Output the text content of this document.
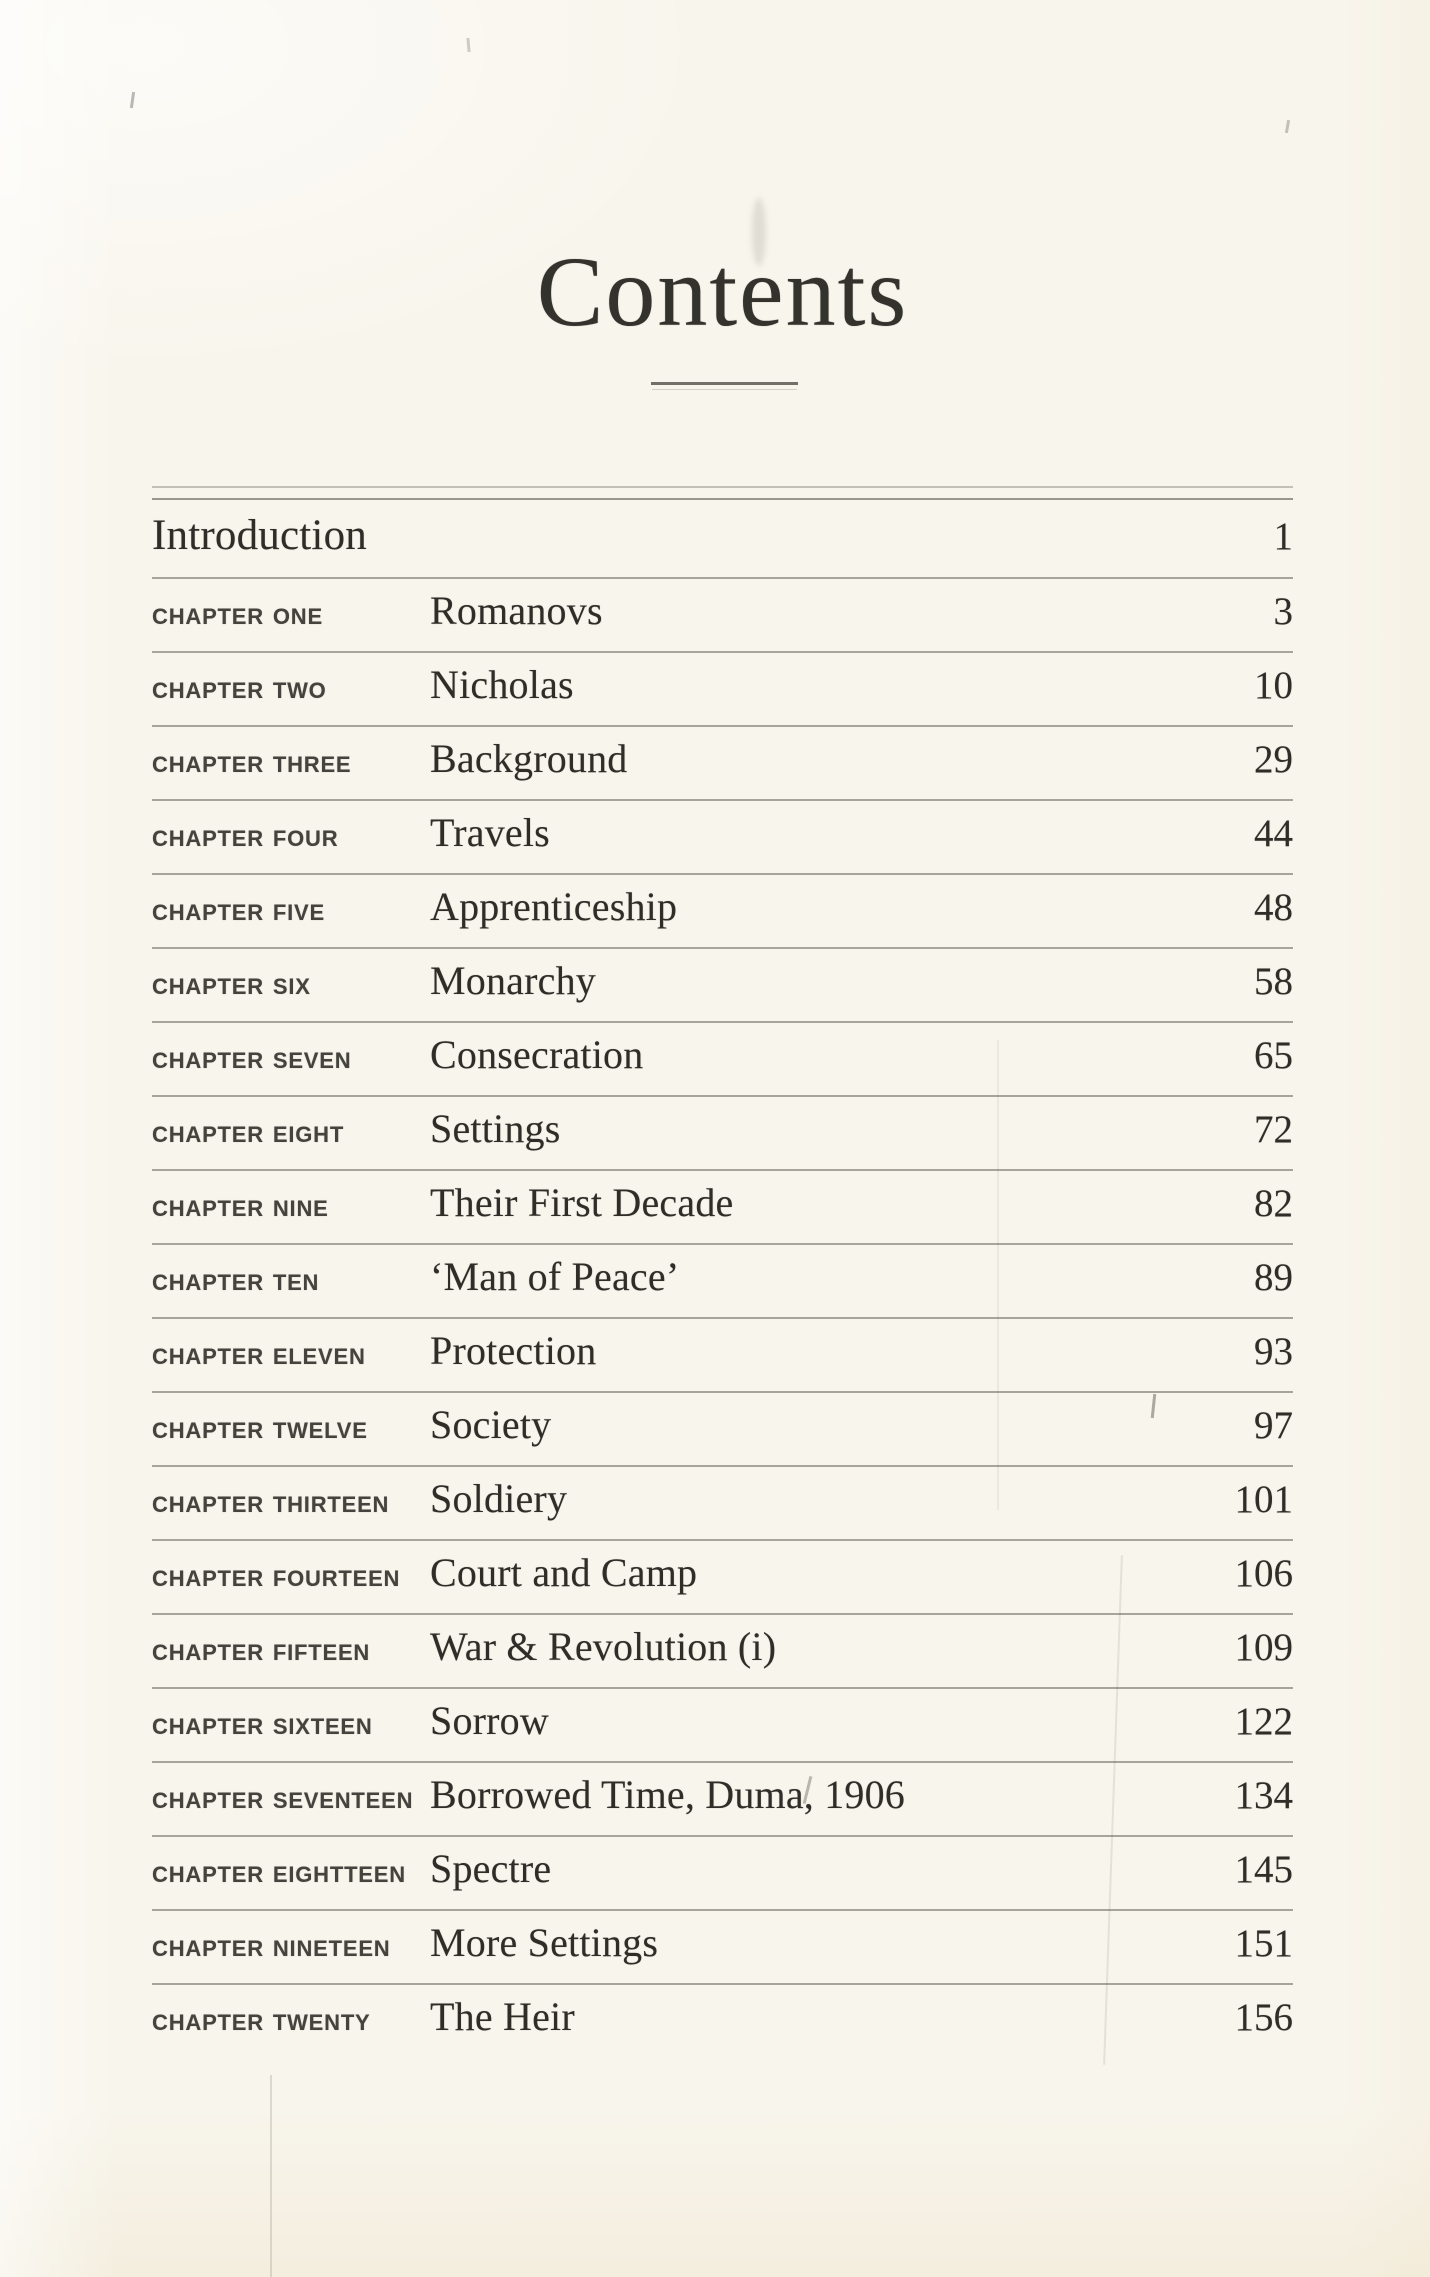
Contents
Introduction	1
CHAPTER ONE	Romanovs	3
CHAPTER TWO	Nicholas	10
CHAPTER THREE	Background	29
CHAPTER FOUR	Travels	44
CHAPTER FIVE	Apprenticeship	48
CHAPTER SIX	Monarchy	58
CHAPTER SEVEN	Consecration	65
CHAPTER EIGHT	Settings	72
CHAPTER NINE	Their First Decade	82
CHAPTER TEN	‘Man of Peace’	89
CHAPTER ELEVEN	Protection	93
CHAPTER TWELVE	Society	97
CHAPTER THIRTEEN	Soldiery	101
CHAPTER FOURTEEN Court and Camp	106
CHAPTER FIFTEEN	War & Revolution (i)	109
CHAPTER SIXTEEN	Sorrow	122
CHAPTER SEVENTEEN Borrowed Time, Duma, 1906	134
CHAPTER EIGHTTEEN Spectre	145
CHAPTER NINETEEN More Settings	151
CHAPTER TWENTY	The Heir	156
